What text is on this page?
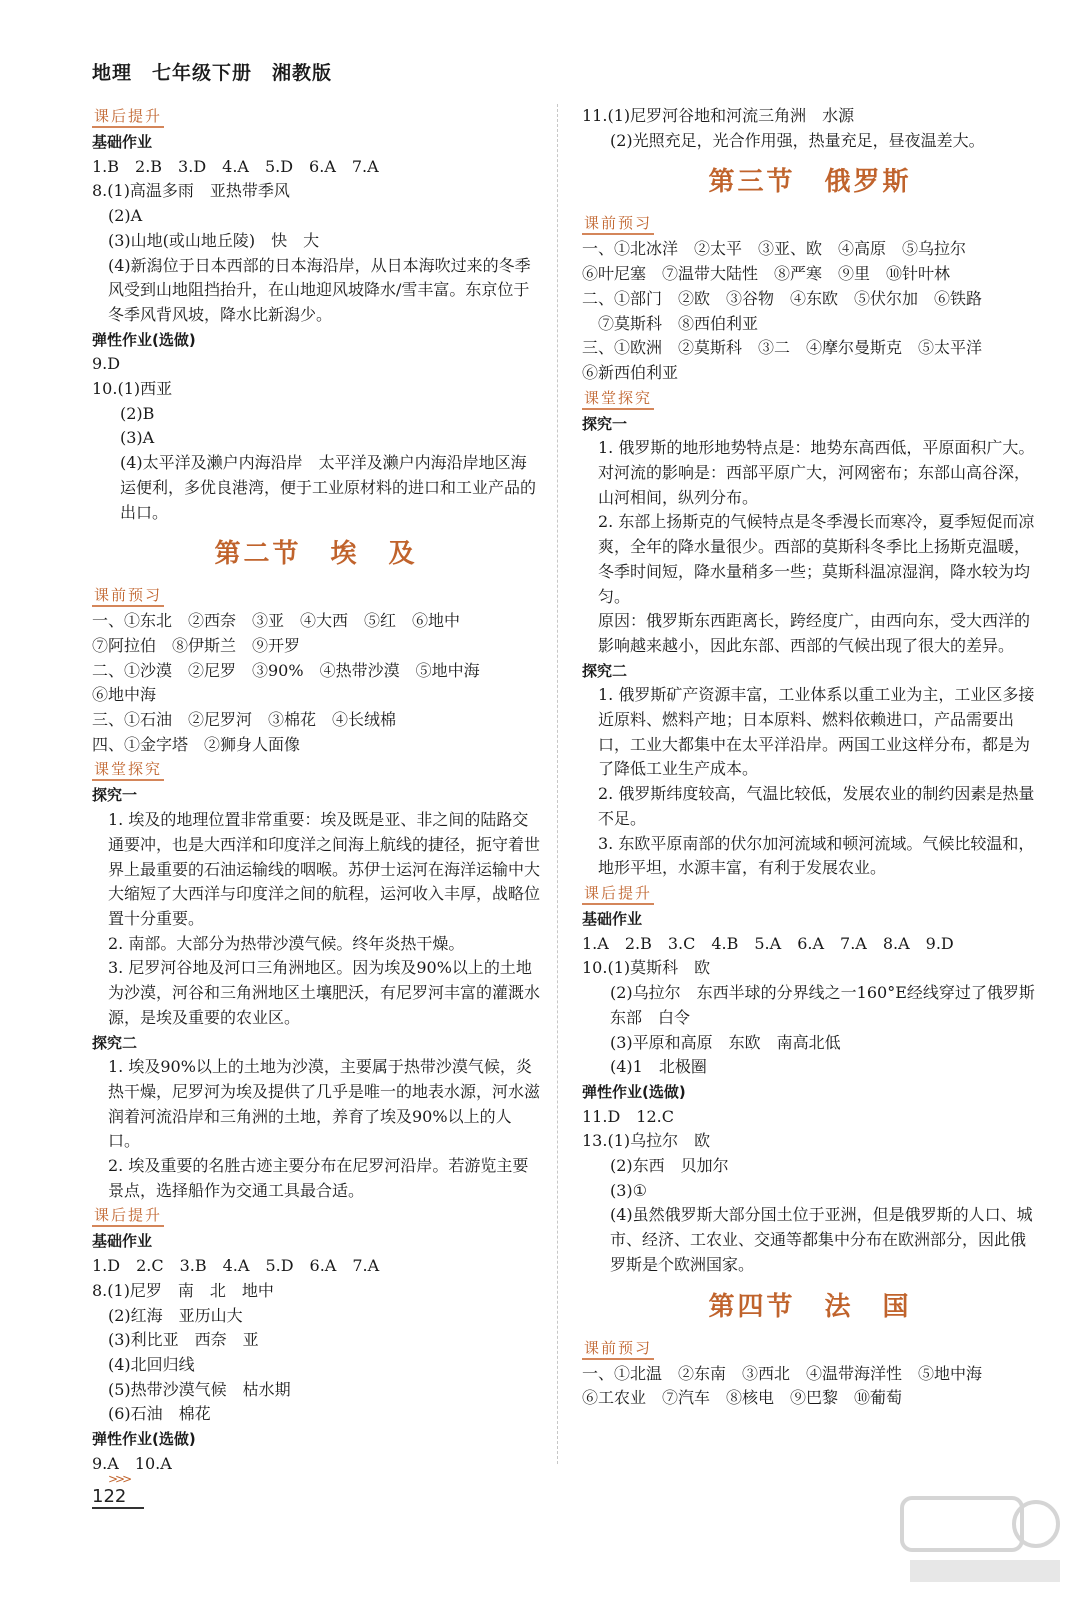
地理　七年级下册　湘教版
课后提升
基础作业
1.B　2.B　3.D　4.A　5.D　6.A　7.A
8.(1)高温多雨　亚热带季风
(2)A
(3)山地(或山地丘陵)　快　大
(4)新潟位于日本西部的日本海沿岸，从日本海吹过来的冬季风受到山地阻挡抬升，在山地迎风坡降水/雪丰富。东京位于冬季风背风坡，降水比新潟少。
弹性作业(选做)
9.D
10.(1)西亚
(2)B
(3)A
(4)太平洋及濑户内海沿岸　太平洋及濑户内海沿岸地区海运便利，多优良港湾，便于工业原材料的进口和工业产品的出口。
第二节　埃　及
课前预习
一、①东北　②西奈　③亚　④大西　⑤红　⑥地中
⑦阿拉伯　⑧伊斯兰　⑨开罗
二、①沙漠　②尼罗　③90%　④热带沙漠　⑤地中海
⑥地中海
三、①石油　②尼罗河　③棉花　④长绒棉
四、①金字塔　②狮身人面像
课堂探究
探究一
1. 埃及的地理位置非常重要：埃及既是亚、非之间的陆路交通要冲，也是大西洋和印度洋之间海上航线的捷径，扼守着世界上最重要的石油运输线的咽喉。苏伊士运河在海洋运输中大大缩短了大西洋与印度洋之间的航程，运河收入丰厚，战略位置十分重要。
2. 南部。大部分为热带沙漠气候。终年炎热干燥。
3. 尼罗河谷地及河口三角洲地区。因为埃及90%以上的土地为沙漠，河谷和三角洲地区土壤肥沃，有尼罗河丰富的灌溉水源，是埃及重要的农业区。
探究二
1. 埃及90%以上的土地为沙漠，主要属于热带沙漠气候，炎热干燥，尼罗河为埃及提供了几乎是唯一的地表水源，河水滋润着河流沿岸和三角洲的土地，养育了埃及90%以上的人口。
2. 埃及重要的名胜古迹主要分布在尼罗河沿岸。若游览主要景点，选择船作为交通工具最合适。
课后提升
基础作业
1.D　2.C　3.B　4.A　5.D　6.A　7.A
8.(1)尼罗　南　北　地中
(2)红海　亚历山大
(3)利比亚　西奈　亚
(4)北回归线
(5)热带沙漠气候　枯水期
(6)石油　棉花
弹性作业(选做)
9.A　10.A
11.(1)尼罗河谷地和河流三角洲　水源
(2)光照充足，光合作用强，热量充足，昼夜温差大。
第三节　俄罗斯
课前预习
一、①北冰洋　②太平　③亚、欧　④高原　⑤乌拉尔
⑥叶尼塞　⑦温带大陆性　⑧严寒　⑨里　⑩针叶林
二、①部门　②欧　③谷物　④东欧　⑤伏尔加　⑥铁路
⑦莫斯科　⑧西伯利亚
三、①欧洲　②莫斯科　③二　④摩尔曼斯克　⑤太平洋
⑥新西伯利亚
课堂探究
探究一
1. 俄罗斯的地形地势特点是：地势东高西低，平原面积广大。对河流的影响是：西部平原广大，河网密布；东部山高谷深，山河相间，纵列分布。
2. 东部上扬斯克的气候特点是冬季漫长而寒冷，夏季短促而凉爽，全年的降水量很少。西部的莫斯科冬季比上扬斯克温暖，冬季时间短，降水量稍多一些；莫斯科温凉湿润，降水较为均匀。
原因：俄罗斯东西距离长，跨经度广，由西向东，受大西洋的影响越来越小，因此东部、西部的气候出现了很大的差异。
探究二
1. 俄罗斯矿产资源丰富，工业体系以重工业为主，工业区多接近原料、燃料产地；日本原料、燃料依赖进口，产品需要出口，工业大都集中在太平洋沿岸。两国工业这样分布，都是为了降低工业生产成本。
2. 俄罗斯纬度较高，气温比较低，发展农业的制约因素是热量不足。
3. 东欧平原南部的伏尔加河流域和顿河流域。气候比较温和，地形平坦，水源丰富，有利于发展农业。
课后提升
基础作业
1.A　2.B　3.C　4.B　5.A　6.A　7.A　8.A　9.D
10.(1)莫斯科　欧
(2)乌拉尔　东西半球的分界线之一160°E经线穿过了俄罗斯东部　白令
(3)平原和高原　东欧　南高北低
(4)1　北极圈
弹性作业(选做)
11.D　12.C
13.(1)乌拉尔　欧
(2)东西　贝加尔
(3)①
(4)虽然俄罗斯大部分国土位于亚洲，但是俄罗斯的人口、城市、经济、工农业、交通等都集中分布在欧洲部分，因此俄罗斯是个欧洲国家。
第四节　法　国
课前预习
一、①北温　②东南　③西北　④温带海洋性　⑤地中海
⑥工农业　⑦汽车　⑧核电　⑨巴黎　⑩葡萄
>>>
122
